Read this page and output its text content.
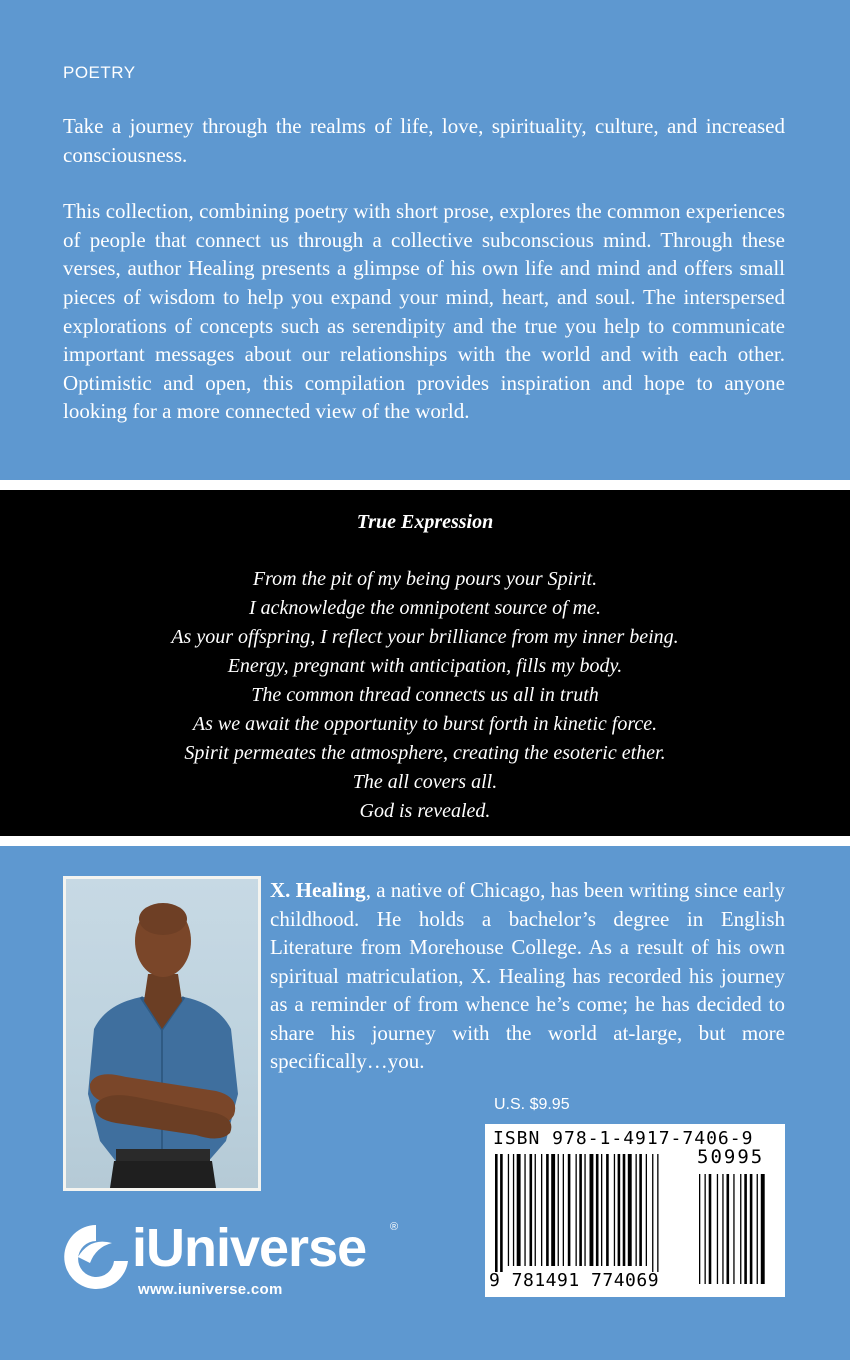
POETRY

Take a journey through the realms of life, love, spirituality, culture, and increased consciousness.

This collection, combining poetry with short prose, explores the common experiences of people that connect us through a collective subconscious mind. Through these verses, author Healing presents a glimpse of his own life and mind and offers small pieces of wisdom to help you expand your mind, heart, and soul. The interspersed explorations of concepts such as serendipity and the true you help to communicate important messages about our relationships with the world and with each other. Optimistic and open, this compilation provides inspiration and hope to anyone looking for a more connected view of the world.

True Expression
From the pit of my being pours your Spirit.
I acknowledge the omnipotent source of me.
As your offspring, I reflect your brilliance from my inner being.
Energy, pregnant with anticipation, fills my body.
The common thread connects us all in truth
As we await the opportunity to burst forth in kinetic force.
Spirit permeates the atmosphere, creating the esoteric ether.
The all covers all.
God is revealed.
X. Healing, a native of Chicago, has been writing since early childhood. He holds a bachelor’s degree in English Literature from Morehouse College. As a result of his own spiritual matriculation, X. Healing has recorded his journey as a reminder of from whence he’s come; he has decided to share his journey with the world at-large, but more specifically…you.
U.S. $9.95
ISBN 978-1-4917-7406-9
50995
9 781491 774069
iUniverse ®
www.iuniverse.com
